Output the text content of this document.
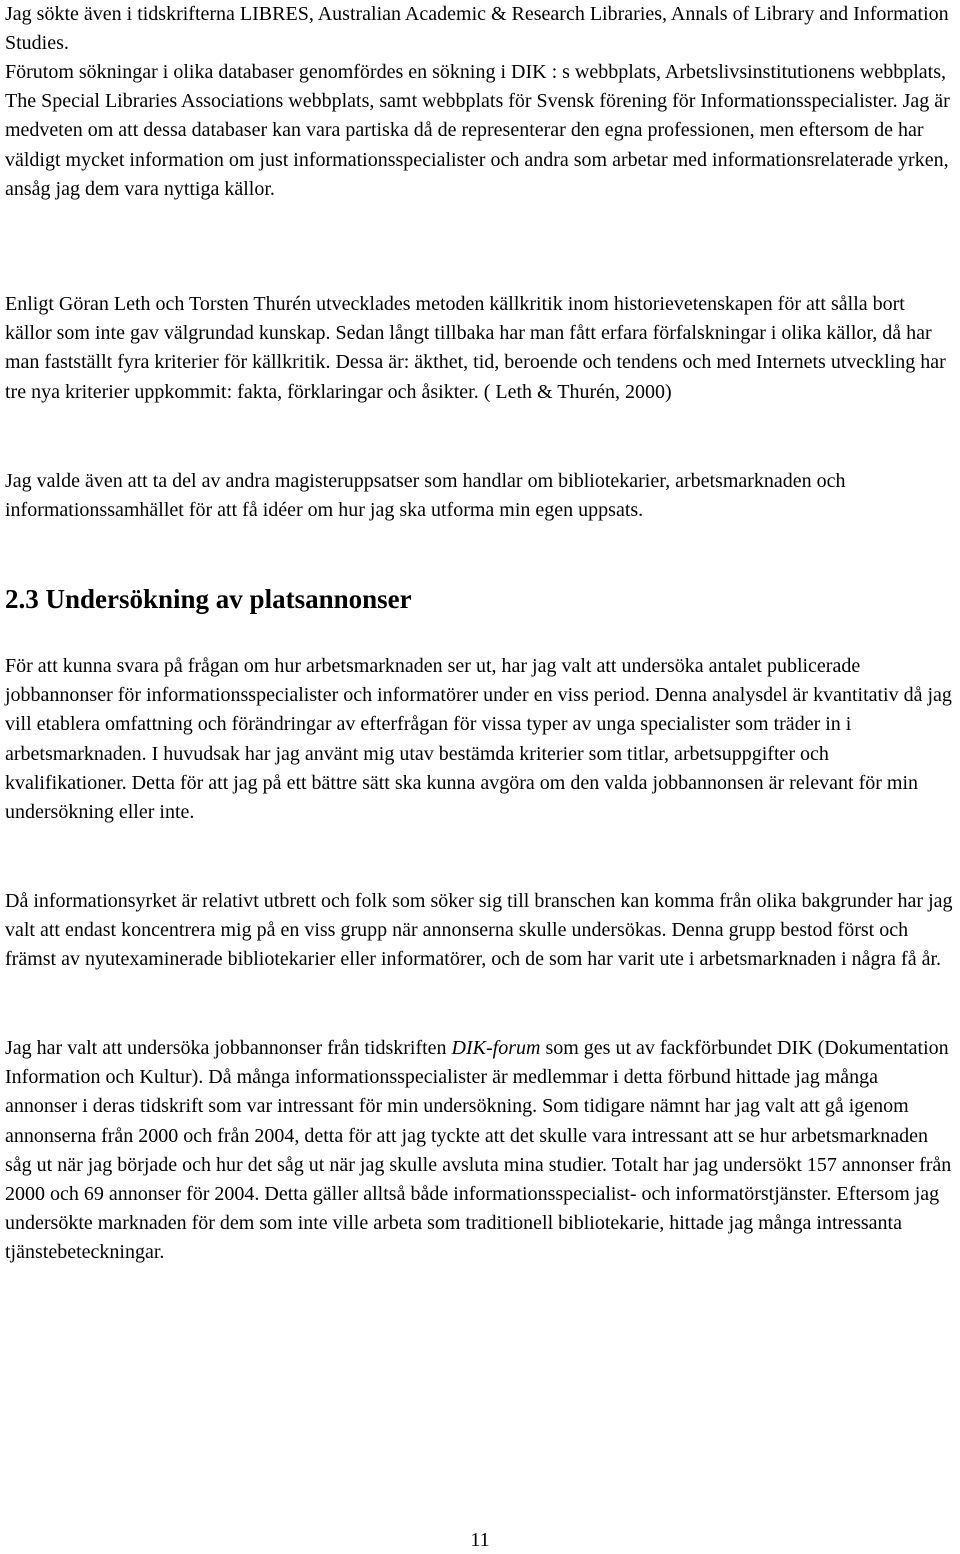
Jag sökte även i tidskrifterna LIBRES, Australian Academic & Research Libraries, Annals of Library and Information Studies.

Förutom sökningar i olika databaser genomfördes en sökning i DIK : s webbplats, Arbetslivsinstitutionens webbplats, The Special Libraries Associations webbplats, samt webbplats för Svensk förening för Informationsspecialister. Jag är medveten om att dessa databaser kan vara partiska då de representerar den egna professionen, men eftersom de har väldigt mycket information om just informationsspecialister och andra som arbetar med informationsrelaterade yrken, ansåg jag dem vara nyttiga källor.

Enligt Göran Leth och Torsten Thurén utvecklades metoden källkritik inom historievetenskapen för att sålla bort källor som inte gav välgrundad kunskap. Sedan långt tillbaka har man fått erfara förfalskningar i olika källor, då har man fastställt fyra kriterier för källkritik. Dessa är: äkthet, tid, beroende och tendens och med Internets utveckling har tre nya kriterier uppkommit: fakta, förklaringar och åsikter. ( Leth & Thurén, 2000)

Jag valde även att ta del av andra magisteruppsatser som handlar om bibliotekarier, arbetsmarknaden och informationssamhället för att få idéer om hur jag ska utforma min egen uppsats.

2.3 Undersökning av platsannonser

För att kunna svara på frågan om hur arbetsmarknaden ser ut, har jag valt att undersöka antalet publicerade jobbannonser för informationsspecialister och informatörer under en viss period. Denna analysdel är kvantitativ då jag vill etablera omfattning och förändringar av efterfrågan för vissa typer av unga specialister som träder in i arbetsmarknaden. I huvudsak har jag använt mig utav bestämda kriterier som titlar, arbetsuppgifter och kvalifikationer. Detta för att jag på ett bättre sätt ska kunna avgöra om den valda jobbannonsen är relevant för min undersökning eller inte.

Då informationsyrket är relativt utbrett och folk som söker sig till branschen kan komma från olika bakgrunder har jag valt att endast koncentrera mig på en viss grupp när annonserna skulle undersökas. Denna grupp bestod först och främst av nyutexaminerade bibliotekarier eller informatörer, och de som har varit ute i arbetsmarknaden i några få år.

Jag har valt att undersöka jobbannonser från tidskriften DIK-forum som ges ut av fackförbundet DIK (Dokumentation Information och Kultur). Då många informationsspecialister är medlemmar i detta förbund hittade jag många annonser i deras tidskrift som var intressant för min undersökning. Som tidigare nämnt har jag valt att gå igenom annonserna från 2000 och från 2004, detta för att jag tyckte att det skulle vara intressant att se hur arbetsmarknaden såg ut när jag började och hur det såg ut när jag skulle avsluta mina studier. Totalt har jag undersökt 157 annonser från 2000 och 69 annonser för 2004. Detta gäller alltså både informationsspecialist- och informatörstjänster. Eftersom jag undersökte marknaden för dem som inte ville arbeta som traditionell bibliotekarie, hittade jag många intressanta tjänstebeteckningar.

11
